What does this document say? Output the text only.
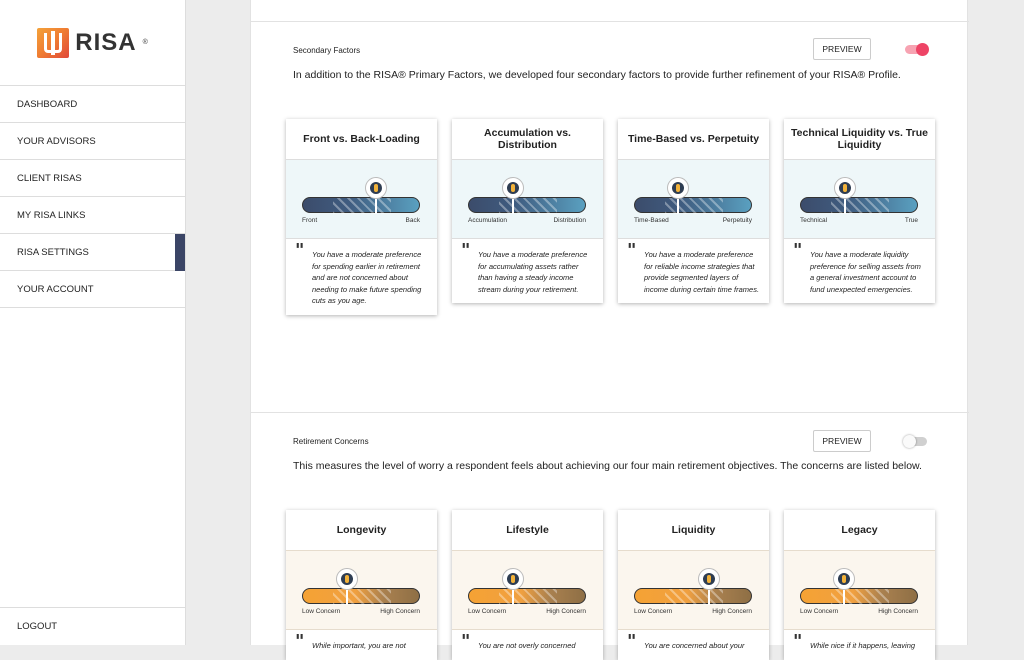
RISA ®
DASHBOARD
YOUR ADVISORS
CLIENT RISAS
MY RISA LINKS
RISA SETTINGS
YOUR ACCOUNT
LOGOUT
Secondary Factors	PREVIEW
In addition to the RISA® Primary Factors, we developed four secondary factors to provide further refinement of your RISA® Profile.
Front vs. Back-Loading
Front	Back
" You have a moderate preference for spending earlier in retirement and are not concerned about needing to make future spending cuts as you age.
Accumulation vs. Distribution
Accumulation	Distribution
" You have a moderate preference for accumulating assets rather than having a steady income stream during your retirement.
Time-Based vs. Perpetuity
Time-Based	Perpetuity
" You have a moderate preference for reliable income strategies that provide segmented layers of income during certain time frames.
Technical Liquidity vs. True Liquidity
Technical	True
" You have a moderate liquidity preference for selling assets from a general investment account to fund unexpected emergencies.
Retirement Concerns	PREVIEW
This measures the level of worry a respondent feels about achieving our four main retirement objectives. The concerns are listed below.
Longevity
Low Concern	High Concern
" While important, you are not
Lifestyle
Low Concern	High Concern
" You are not overly concerned
Liquidity
Low Concern	High Concern
" You are concerned about your
Legacy
Low Concern	High Concern
" While nice if it happens, leaving
